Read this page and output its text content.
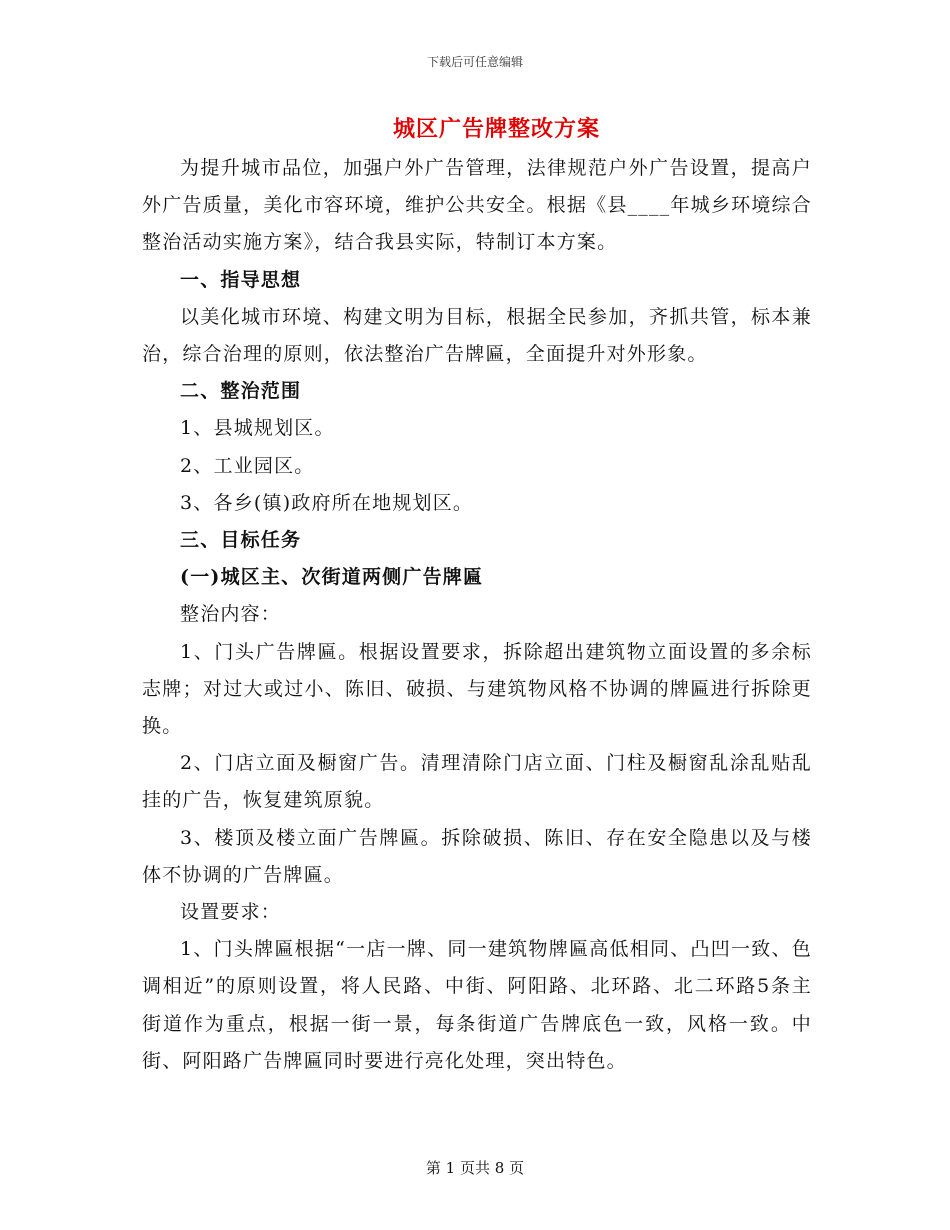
下载后可任意编辑
城区广告牌整改方案

为提升城市品位，加强户外广告管理，法律规范户外广告设置，提高户外广告质量，美化市容环境，维护公共安全。根据《县____年城乡环境综合整治活动实施方案》，结合我县实际，特制订本方案。

一、指导思想

以美化城市环境、构建文明为目标，根据全民参加，齐抓共管，标本兼治，综合治理的原则，依法整治广告牌匾，全面提升对外形象。

二、整治范围

1、县城规划区。

2、工业园区。

3、各乡(镇)政府所在地规划区。

三、目标任务

(一)城区主、次街道两侧广告牌匾

整治内容：

1、门头广告牌匾。根据设置要求，拆除超出建筑物立面设置的多余标志牌；对过大或过小、陈旧、破损、与建筑物风格不协调的牌匾进行拆除更换。

2、门店立面及橱窗广告。清理清除门店立面、门柱及橱窗乱涂乱贴乱挂的广告，恢复建筑原貌。

3、楼顶及楼立面广告牌匾。拆除破损、陈旧、存在安全隐患以及与楼体不协调的广告牌匾。

设置要求：

1、门头牌匾根据“一店一牌、同一建筑物牌匾高低相同、凸凹一致、色调相近”的原则设置，将人民路、中街、阿阳路、北环路、北二环路5条主街道作为重点，根据一街一景，每条街道广告牌底色一致，风格一致。中街、阿阳路广告牌匾同时要进行亮化处理，突出特色。

第 1 页共 8 页
